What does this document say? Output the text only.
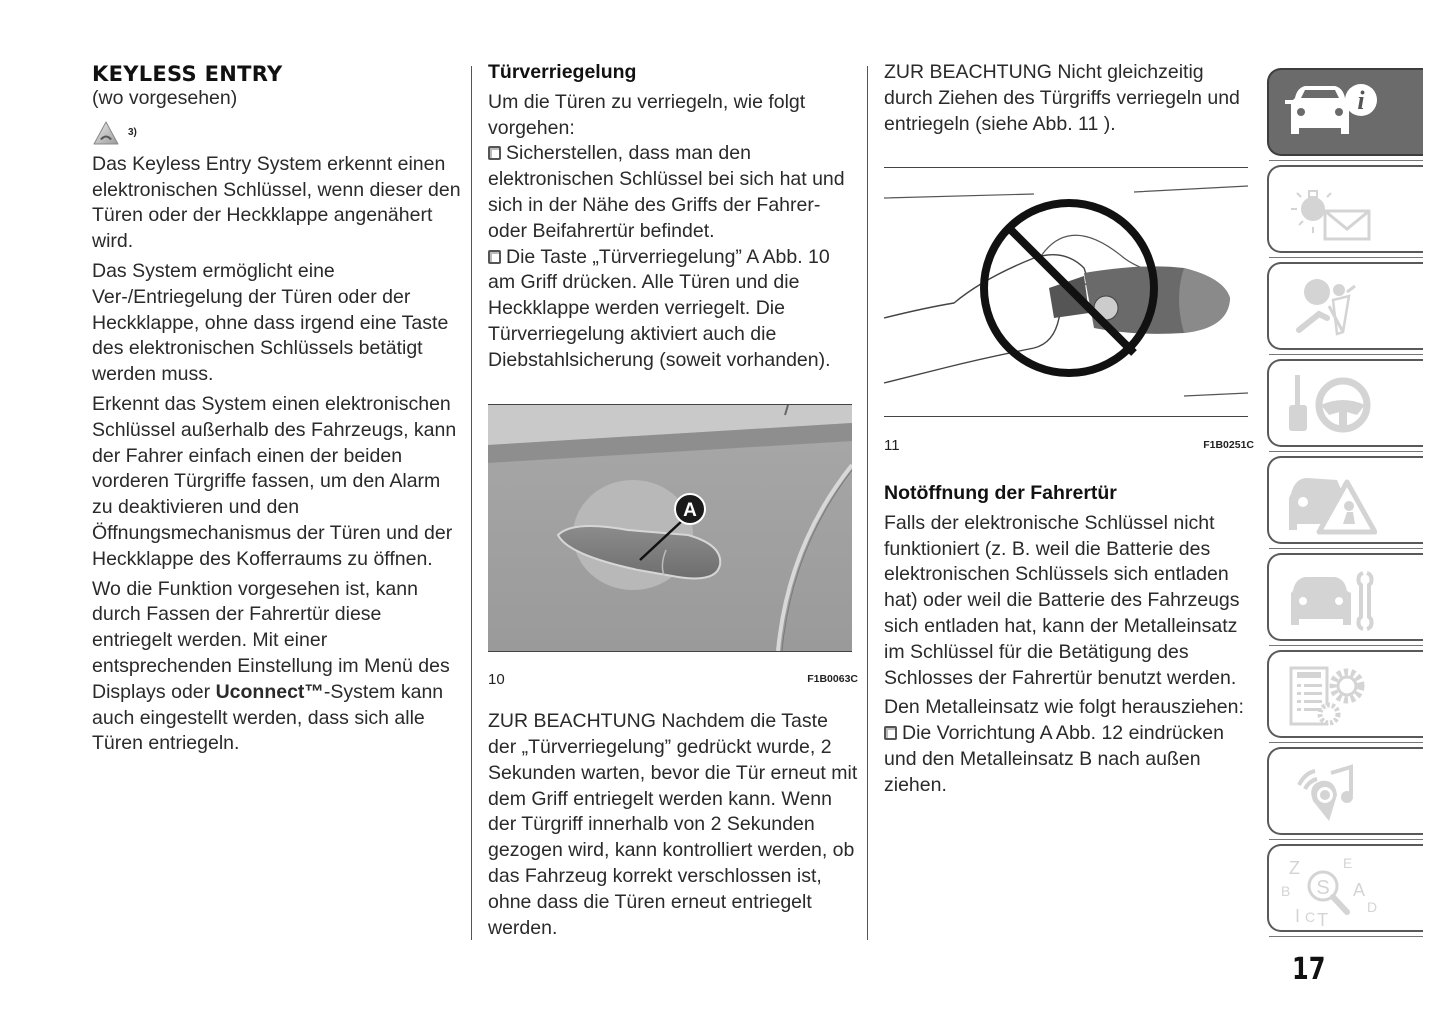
KEYLESS ENTRY

(wo vorgesehen)

3)

Das Keyless Entry System erkennt einen elektronischen Schlüssel, wenn dieser den Türen oder der Heckklappe angenähert wird.

Das System ermöglicht eine Ver-/Entriegelung der Türen oder der Heckklappe, ohne dass irgend eine Taste des elektronischen Schlüssels betätigt werden muss.

Erkennt das System einen elektronischen Schlüssel außerhalb des Fahrzeugs, kann der Fahrer einfach einen der beiden vorderen Türgriffe fassen, um den Alarm zu deaktivieren und den Öffnungsmechanismus der Türen und der Heckklappe des Kofferraums zu öffnen.

Wo die Funktion vorgesehen ist, kann durch Fassen der Fahrertür diese entriegelt werden. Mit einer entsprechenden Einstellung im Menü des Displays oder Uconnect™-System kann auch eingestellt werden, dass sich alle Türen entriegeln.

Türverriegelung

Um die Türen zu verriegeln, wie folgt vorgehen:

Sicherstellen, dass man den elektronischen Schlüssel bei sich hat und sich in der Nähe des Griffs der Fahrer- oder Beifahrertür befindet.

Die Taste „Türverriegelung” A Abb. 10 am Griff drücken. Alle Türen und die Heckklappe werden verriegelt. Die Türverriegelung aktiviert auch die Diebstahlsicherung (soweit vorhanden).

A
10	F1B0063C

ZUR BEACHTUNG Nachdem die Taste der „Türverriegelung” gedrückt wurde, 2 Sekunden warten, bevor die Tür erneut mit dem Griff entriegelt werden kann. Wenn der Türgriff innerhalb von 2 Sekunden gezogen wird, kann kontrolliert werden, ob das Fahrzeug korrekt verschlossen ist, ohne dass die Türen erneut entriegelt werden.

ZUR BEACHTUNG Nicht gleichzeitig durch Ziehen des Türgriffs verriegeln und entriegeln (siehe Abb. 11 ).

11	F1B0251C

Notöffnung der Fahrertür

Falls der elektronische Schlüssel nicht funktioniert (z. B. weil die Batterie des elektronischen Schlüssels sich entladen hat) oder weil die Batterie des Fahrzeugs sich entladen hat, kann der Metalleinsatz im Schlüssel für die Betätigung des Schlosses der Fahrertür benutzt werden.

Den Metalleinsatz wie folgt herausziehen:

Die Vorrichtung A Abb. 12 eindrücken und den Metalleinsatz B nach außen ziehen.

i
Z	E
B	A
D
I C T
S
17
